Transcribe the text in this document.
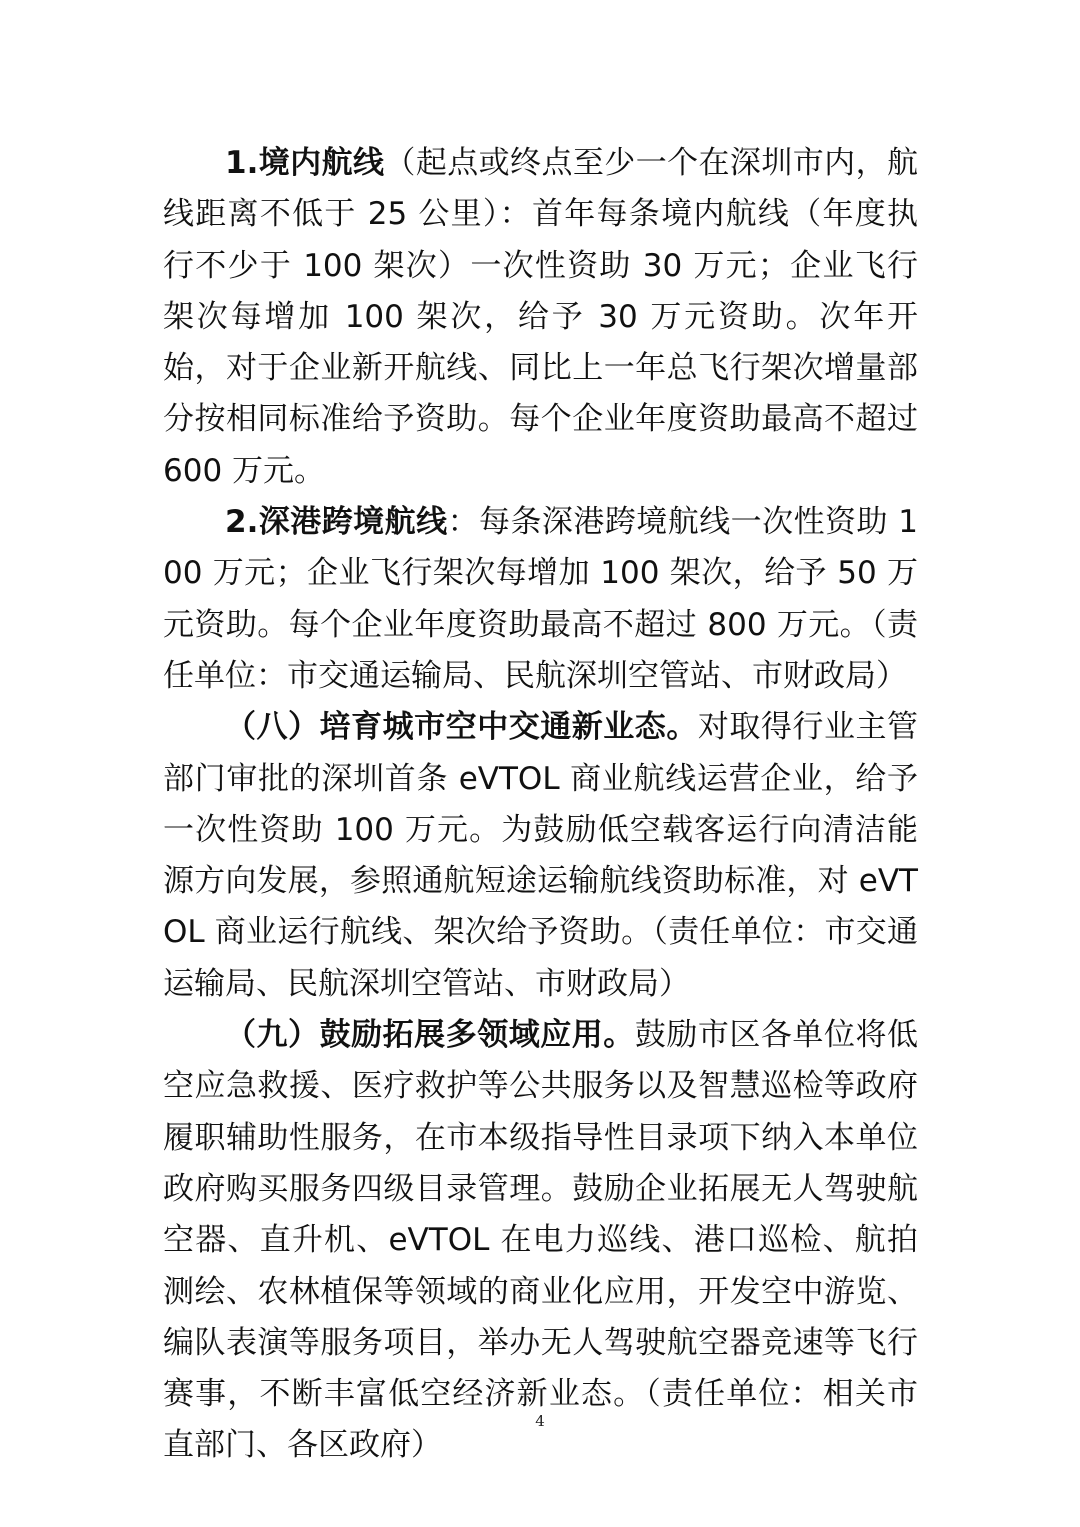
1.境内航线（起点或终点至少一个在深圳市内，航线距离不低于 25 公里）：首年每条境内航线（年度执行不少于 100 架次）一次性资助 30 万元；企业飞行架次每增加 100 架次，给予 30 万元资助。次年开始，对于企业新开航线、同比上一年总飞行架次增量部分按相同标准给予资助。每个企业年度资助最高不超过 600 万元。

2.深港跨境航线：每条深港跨境航线一次性资助 100 万元；企业飞行架次每增加 100 架次，给予 50 万元资助。每个企业年度资助最高不超过 800 万元。（责任单位：市交通运输局、民航深圳空管站、市财政局）

（八）培育城市空中交通新业态。对取得行业主管部门审批的深圳首条 eVTOL 商业航线运营企业，给予一次性资助 100 万元。为鼓励低空载客运行向清洁能源方向发展，参照通航短途运输航线资助标准，对 eVTOL 商业运行航线、架次给予资助。（责任单位：市交通运输局、民航深圳空管站、市财政局）

（九）鼓励拓展多领域应用。鼓励市区各单位将低空应急救援、医疗救护等公共服务以及智慧巡检等政府履职辅助性服务，在市本级指导性目录项下纳入本单位政府购买服务四级目录管理。鼓励企业拓展无人驾驶航空器、直升机、eVTOL 在电力巡线、港口巡检、航拍测绘、农林植保等领域的商业化应用，开发空中游览、编队表演等服务项目，举办无人驾驶航空器竞速等飞行赛事，不断丰富低空经济新业态。（责任单位：相关市直部门、各区政府）

4
